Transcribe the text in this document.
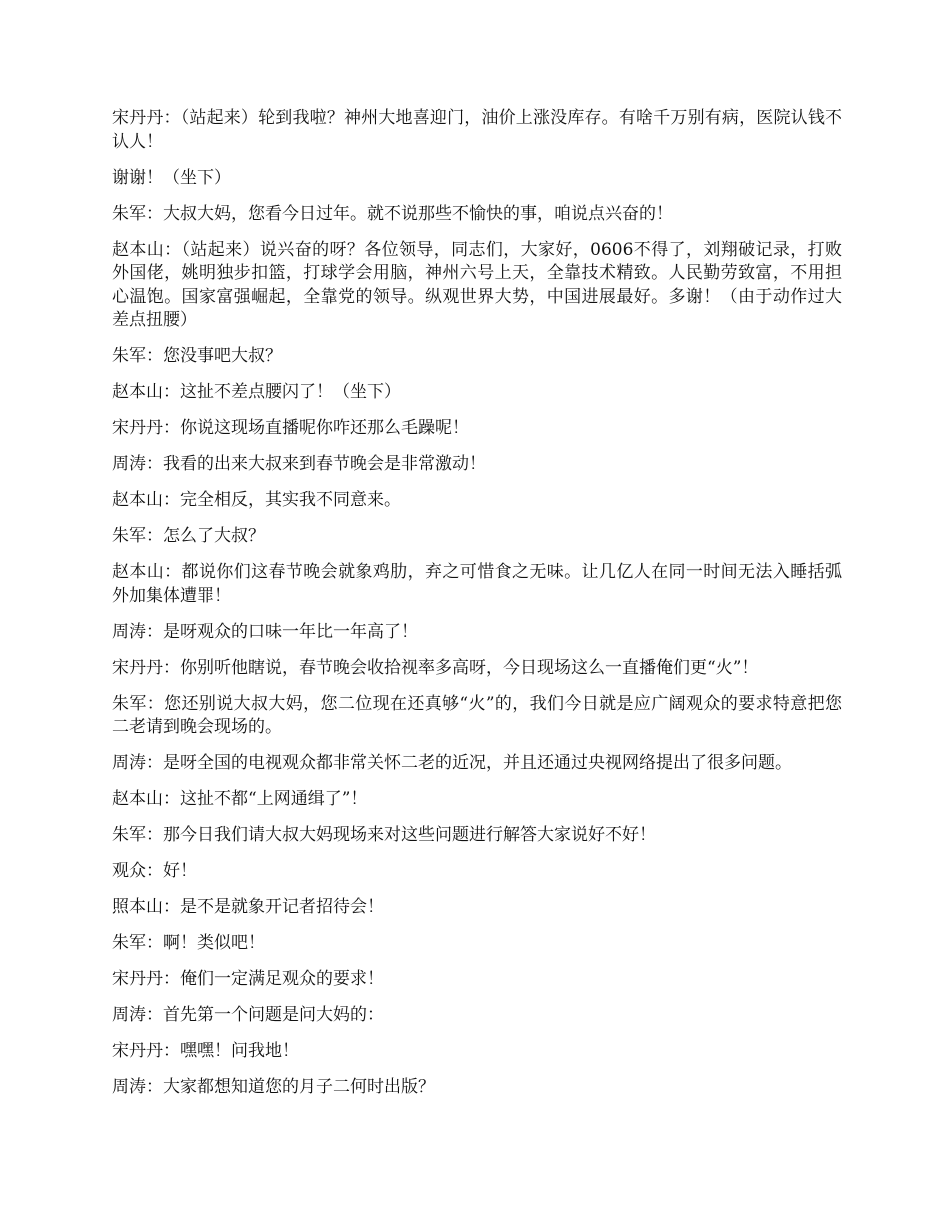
宋丹丹：（站起来）轮到我啦？神州大地喜迎门，油价上涨没库存。有啥千万别有病，医院认钱不认人！

谢谢！（坐下）

朱军：大叔大妈，您看今日过年。就不说那些不愉快的事，咱说点兴奋的！

赵本山：（站起来）说兴奋的呀？各位领导，同志们，大家好，0606不得了，刘翔破记录，打败外国佬，姚明独步扣篮，打球学会用脑，神州六号上天，全靠技术精致。人民勤劳致富，不用担心温饱。国家富强崛起，全靠党的领导。纵观世界大势，中国进展最好。多谢！（由于动作过大差点扭腰）

朱军：您没事吧大叔？

赵本山：这扯不差点腰闪了！（坐下）

宋丹丹：你说这现场直播呢你咋还那么毛躁呢！

周涛：我看的出来大叔来到春节晚会是非常激动！

赵本山：完全相反，其实我不同意来。

朱军：怎么了大叔？

赵本山：都说你们这春节晚会就象鸡肋，弃之可惜食之无味。让几亿人在同一时间无法入睡括弧外加集体遭罪！

周涛：是呀观众的口味一年比一年高了！

宋丹丹：你别听他瞎说，春节晚会收拾视率多高呀，今日现场这么一直播俺们更“火”！

朱军：您还别说大叔大妈，您二位现在还真够“火”的，我们今日就是应广阔观众的要求特意把您二老请到晚会现场的。

周涛：是呀全国的电视观众都非常关怀二老的近况，并且还通过央视网络提出了很多问题。

赵本山：这扯不都“上网通缉了”！

朱军：那今日我们请大叔大妈现场来对这些问题进行解答大家说好不好！

观众：好！

照本山：是不是就象开记者招待会！

朱军：啊！类似吧！

宋丹丹：俺们一定满足观众的要求！

周涛：首先第一个问题是问大妈的：

宋丹丹：嘿嘿！问我地！

周涛：大家都想知道您的月子二何时出版？
